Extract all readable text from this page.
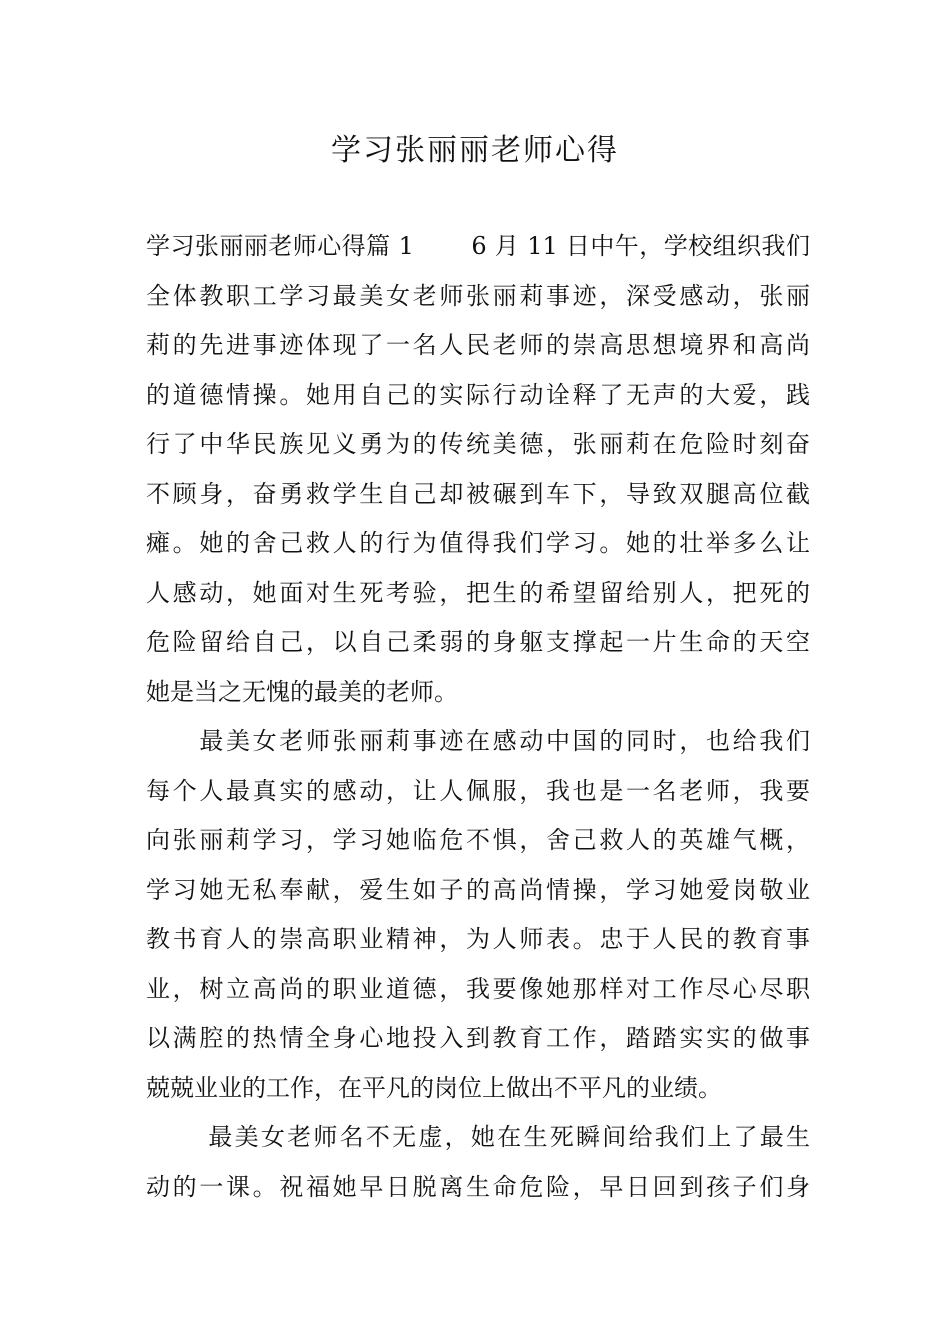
学习张丽丽老师心得
学习张丽丽老师心得篇 1　　 6 月 11 日中午，学校组织我们
全体教职工学习最美女老师张丽莉事迹，深受感动，张丽
莉的先进事迹体现了一名人民老师的崇高思想境界和高尚
的道德情操。她用自己的实际行动诠释了无声的大爱，践
行了中华民族见义勇为的传统美德，张丽莉在危险时刻奋
不顾身，奋勇救学生自己却被碾到车下，导致双腿高位截
瘫。她的舍己救人的行为值得我们学习。她的壮举多么让
人感动，她面对生死考验，把生的希望留给别人，把死的
危险留给自己，以自己柔弱的身躯支撑起一片生命的天空
她是当之无愧的最美的老师。
　　最美女老师张丽莉事迹在感动中国的同时，也给我们
每个人最真实的感动，让人佩服，我也是一名老师，我要
向张丽莉学习，学习她临危不惧，舍己救人的英雄气概，
学习她无私奉献，爱生如子的高尚情操，学习她爱岗敬业
教书育人的崇高职业精神，为人师表。忠于人民的教育事
业，树立高尚的职业道德，我要像她那样对工作尽心尽职
以满腔的热情全身心地投入到教育工作，踏踏实实的做事
兢兢业业的工作，在平凡的岗位上做出不平凡的业绩。
　　 最美女老师名不无虚，她在生死瞬间给我们上了最生
动的一课。祝福她早日脱离生命危险，早日回到孩子们身
